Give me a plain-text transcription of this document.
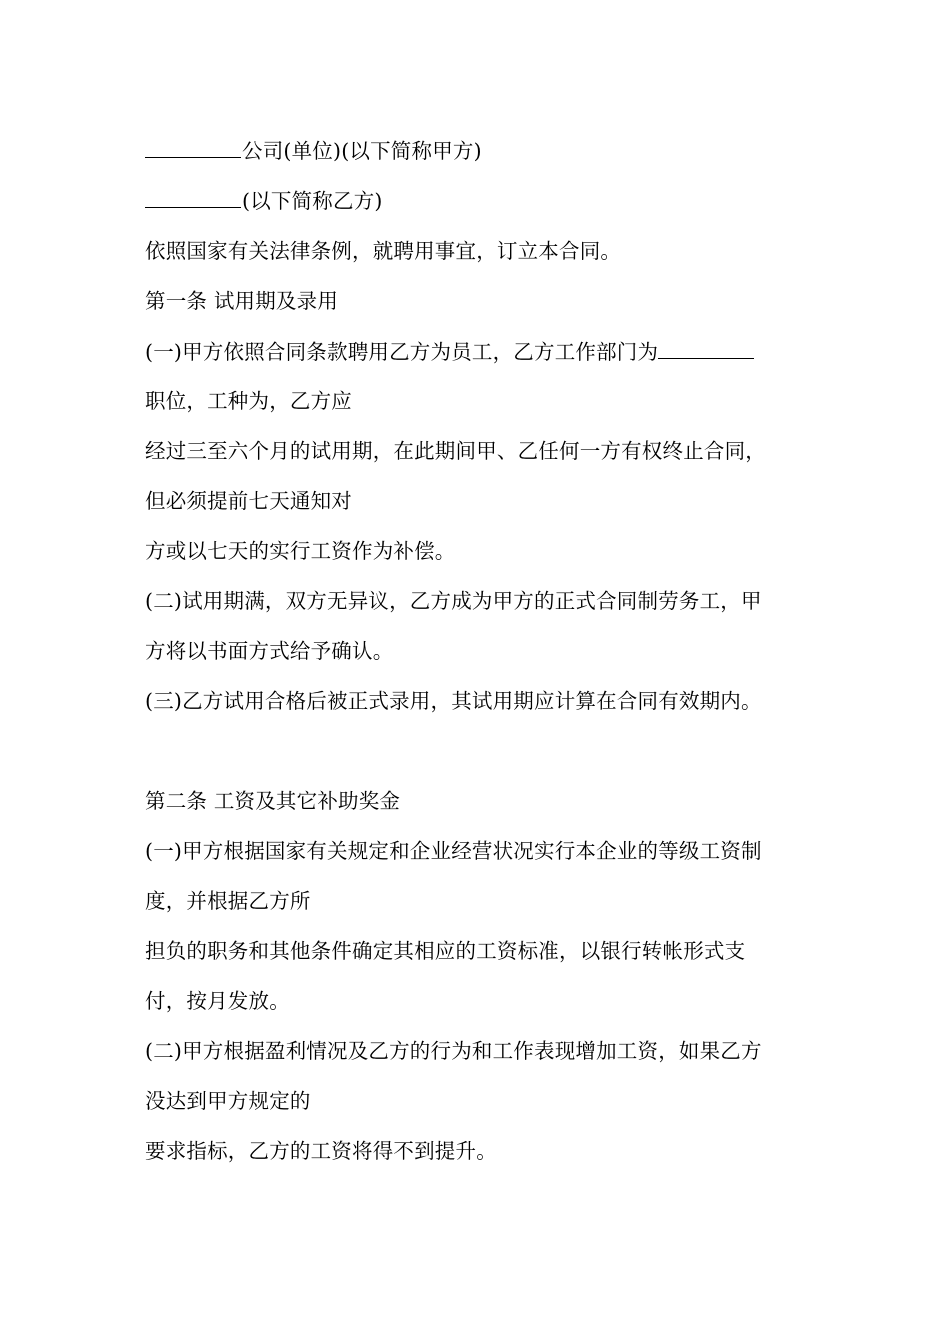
公司(单位)(以下简称甲方)
(以下简称乙方)
依照国家有关法律条例，就聘用事宜，订立本合同。
第一条 试用期及录用
(一)甲方依照合同条款聘用乙方为员工，乙方工作部门为
职位，工种为，乙方应
经过三至六个月的试用期，在此期间甲、乙任何一方有权终止合同，
但必须提前七天通知对
方或以七天的实行工资作为补偿。
(二)试用期满，双方无异议，乙方成为甲方的正式合同制劳务工，甲
方将以书面方式给予确认。
(三)乙方试用合格后被正式录用，其试用期应计算在合同有效期内。
第二条 工资及其它补助奖金
(一)甲方根据国家有关规定和企业经营状况实行本企业的等级工资制
度，并根据乙方所
担负的职务和其他条件确定其相应的工资标准，以银行转帐形式支
付，按月发放。
(二)甲方根据盈利情况及乙方的行为和工作表现增加工资，如果乙方
没达到甲方规定的
要求指标，乙方的工资将得不到提升。
